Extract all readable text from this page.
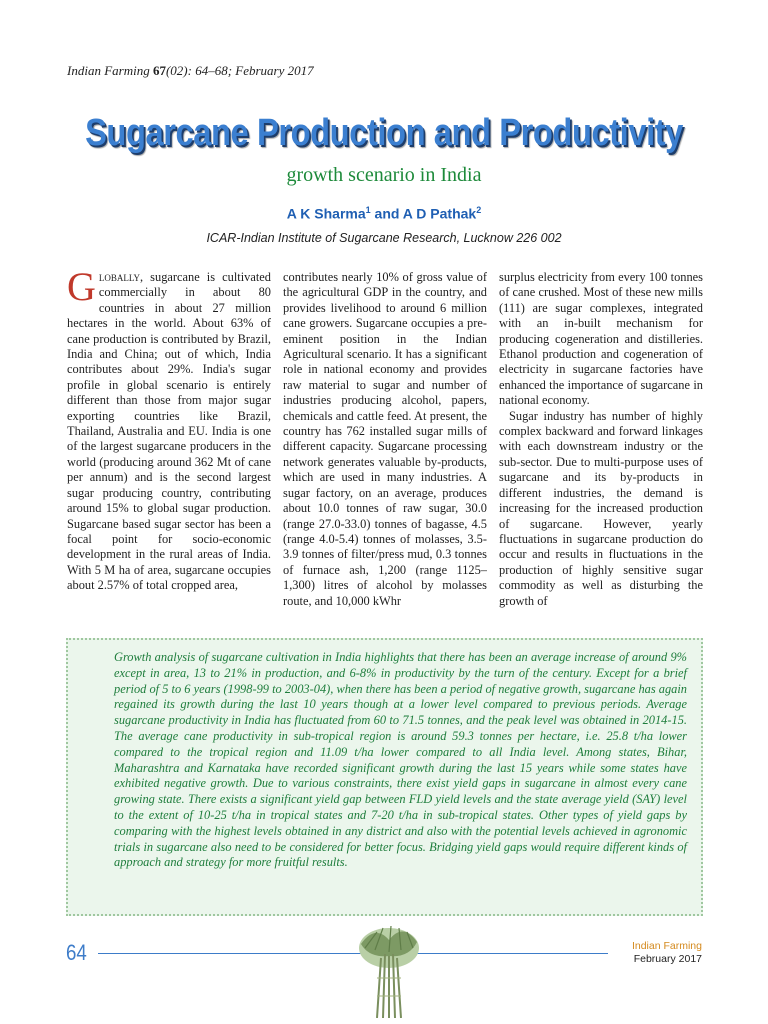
Indian Farming 67(02): 64–68; February 2017
Sugarcane Production and Productivity
growth scenario in India
A K Sharma$^1$ and A D Pathak$^2$
ICAR-Indian Institute of Sugarcane Research, Lucknow 226 002

Globally, sugarcane is cultivated commercially in about 80 countries in about 27 million hectares in the world. About 63% of cane production is contributed by Brazil, India and China; out of which, India contributes about 29%. India's sugar profile in global scenario is entirely different than those from major sugar exporting countries like Brazil, Thailand, Australia and EU. India is one of the largest sugarcane producers in the world (producing around 362 Mt of cane per annum) and is the second largest sugar producing country, contributing around 15% to global sugar production. Sugarcane based sugar sector has been a focal point for socio-economic development in the rural areas of India. With 5 M ha of area, sugarcane occupies about 2.57% of total cropped area,

contributes nearly 10% of gross value of the agricultural GDP in the country, and provides livelihood to around 6 million cane growers. Sugarcane occupies a pre-eminent position in the Indian Agricultural scenario. It has a significant role in national economy and provides raw material to sugar and number of industries producing alcohol, papers, chemicals and cattle feed. At present, the country has 762 installed sugar mills of different capacity. Sugarcane processing network generates valuable by-products, which are used in many industries. A sugar factory, on an average, produces about 10.0 tonnes of raw sugar, 30.0 (range 27.0-33.0) tonnes of bagasse, 4.5 (range 4.0-5.4) tonnes of molasses, 3.5-3.9 tonnes of filter/press mud, 0.3 tonnes of furnace ash, 1,200 (range 1125–1,300) litres of alcohol by molasses route, and 10,000 kWhr

surplus electricity from every 100 tonnes of cane crushed. Most of these new mills (111) are sugar complexes, integrated with an in-built mechanism for producing cogeneration and distilleries. Ethanol production and cogeneration of electricity in sugarcane factories have enhanced the importance of sugarcane in national economy.

Sugar industry has number of highly complex backward and forward linkages with each downstream industry or the sub-sector. Due to multi-purpose uses of sugarcane and its by-products in different industries, the demand is increasing for the increased production of sugarcane. However, yearly fluctuations in sugarcane production do occur and results in fluctuations in the production of highly sensitive sugar commodity as well as disturbing the growth of

Growth analysis of sugarcane cultivation in India highlights that there has been an average increase of around 9% except in area, 13 to 21% in production, and 6-8% in productivity by the turn of the century. Except for a brief period of 5 to 6 years (1998-99 to 2003-04), when there has been a period of negative growth, sugarcane has again regained its growth during the last 10 years though at a lower level compared to previous periods. Average sugarcane productivity in India has fluctuated from 60 to 71.5 tonnes, and the peak level was obtained in 2014-15. The average cane productivity in sub-tropical region is around 59.3 tonnes per hectare, i.e. 25.8 t/ha lower compared to the tropical region and 11.09 t/ha lower compared to all India level. Among states, Bihar, Maharashtra and Karnataka have recorded significant growth during the last 15 years while some states have exhibited negative growth. Due to various constraints, there exist yield gaps in sugarcane in almost every cane growing state. There exists a significant yield gap between FLD yield levels and the state average yield (SAY) level to the extent of 10-25 t/ha in tropical states and 7-20 t/ha in sub-tropical states. Other types of yield gaps by comparing with the highest levels obtained in any district and also with the potential levels achieved in agronomic trials in sugarcane also need to be considered for better focus. Bridging yield gaps would require different kinds of approach and strategy for more fruitful results.

64	Indian Farming
February 2017
